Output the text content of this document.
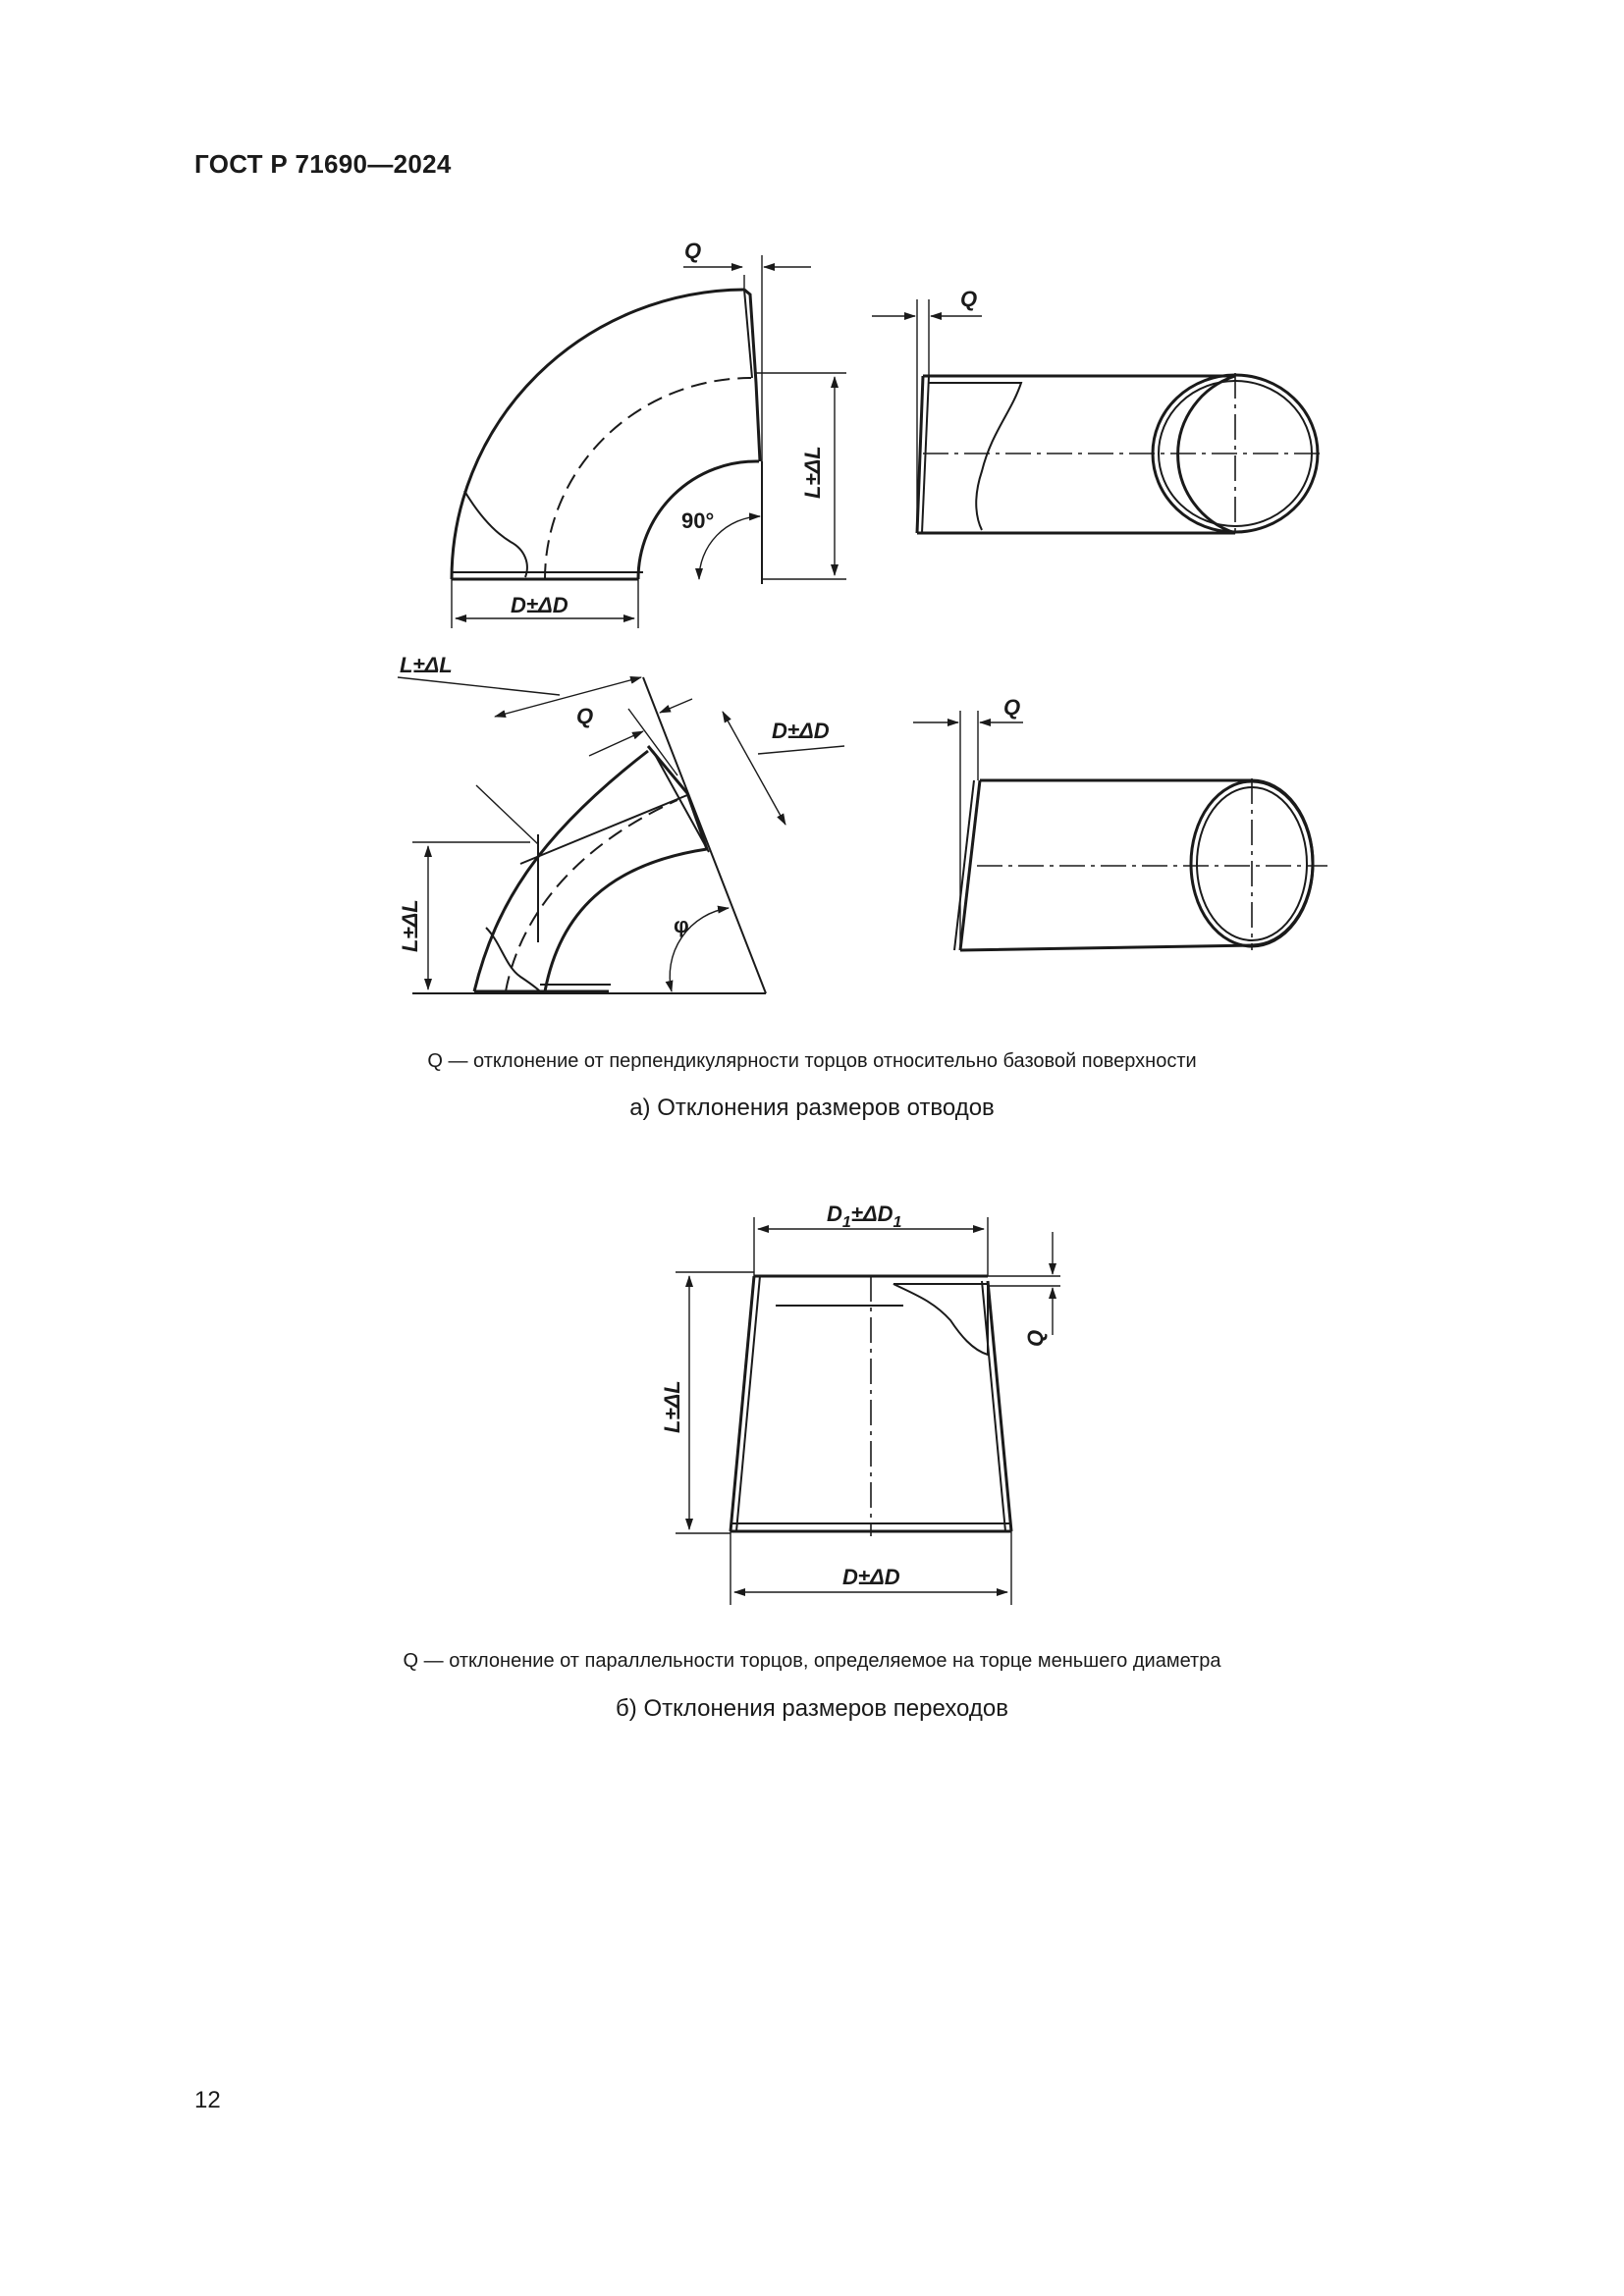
ГОСТ Р 71690—2024
Q
90°
L±ΔL
D±ΔD
Q
L±ΔL
Q
D±ΔD
L±ΔL	φ
Q
$D_1\pm\Delta D_1$
Q
L±ΔL
D±ΔD
Q — отклонение от перпендикулярности торцов относительно базовой поверхности
а) Отклонения размеров отводов
Q — отклонение от параллельности торцов, определяемое на торце меньшего диаметра
б) Отклонения размеров переходов
12
